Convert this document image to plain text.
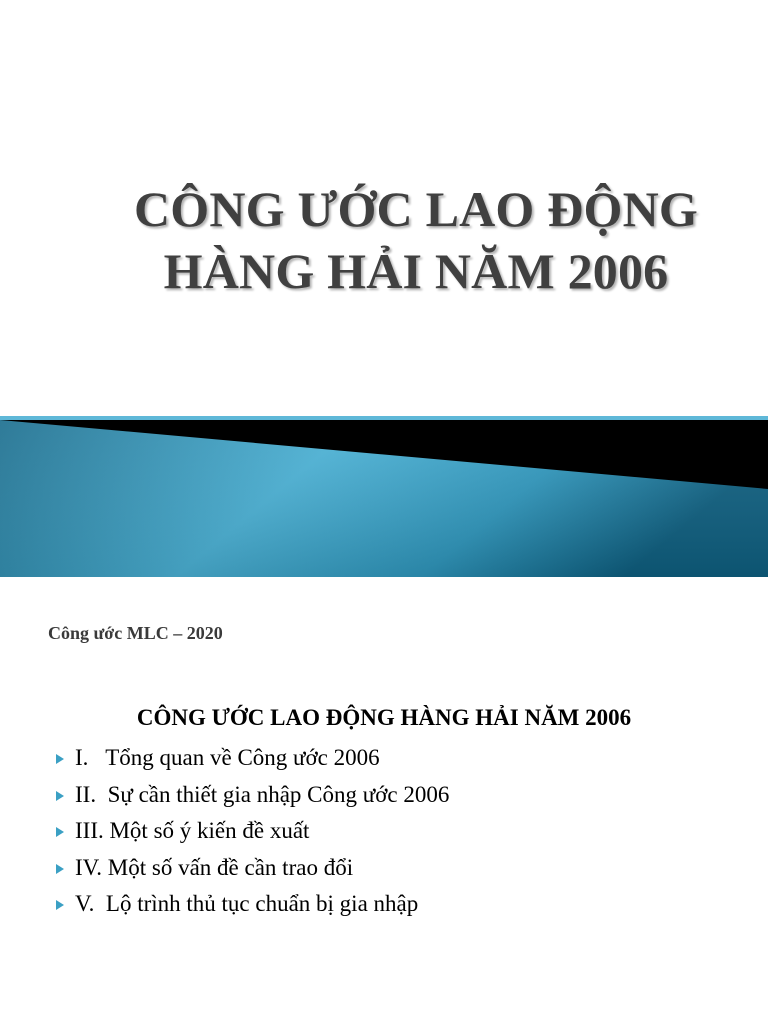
CÔNG ƯỚC LAO ĐỘNG
HÀNG HẢI NĂM 2006

Công ước MLC – 2020

CÔNG ƯỚC LAO ĐỘNG HÀNG HẢI NĂM 2006
I.   Tổng quan về Công ước 2006
II.  Sự cần thiết gia nhập Công ước 2006
III. Một số ý kiến đề xuất
IV. Một số vấn đề cần trao đổi
V.  Lộ trình thủ tục chuẩn bị gia nhập
